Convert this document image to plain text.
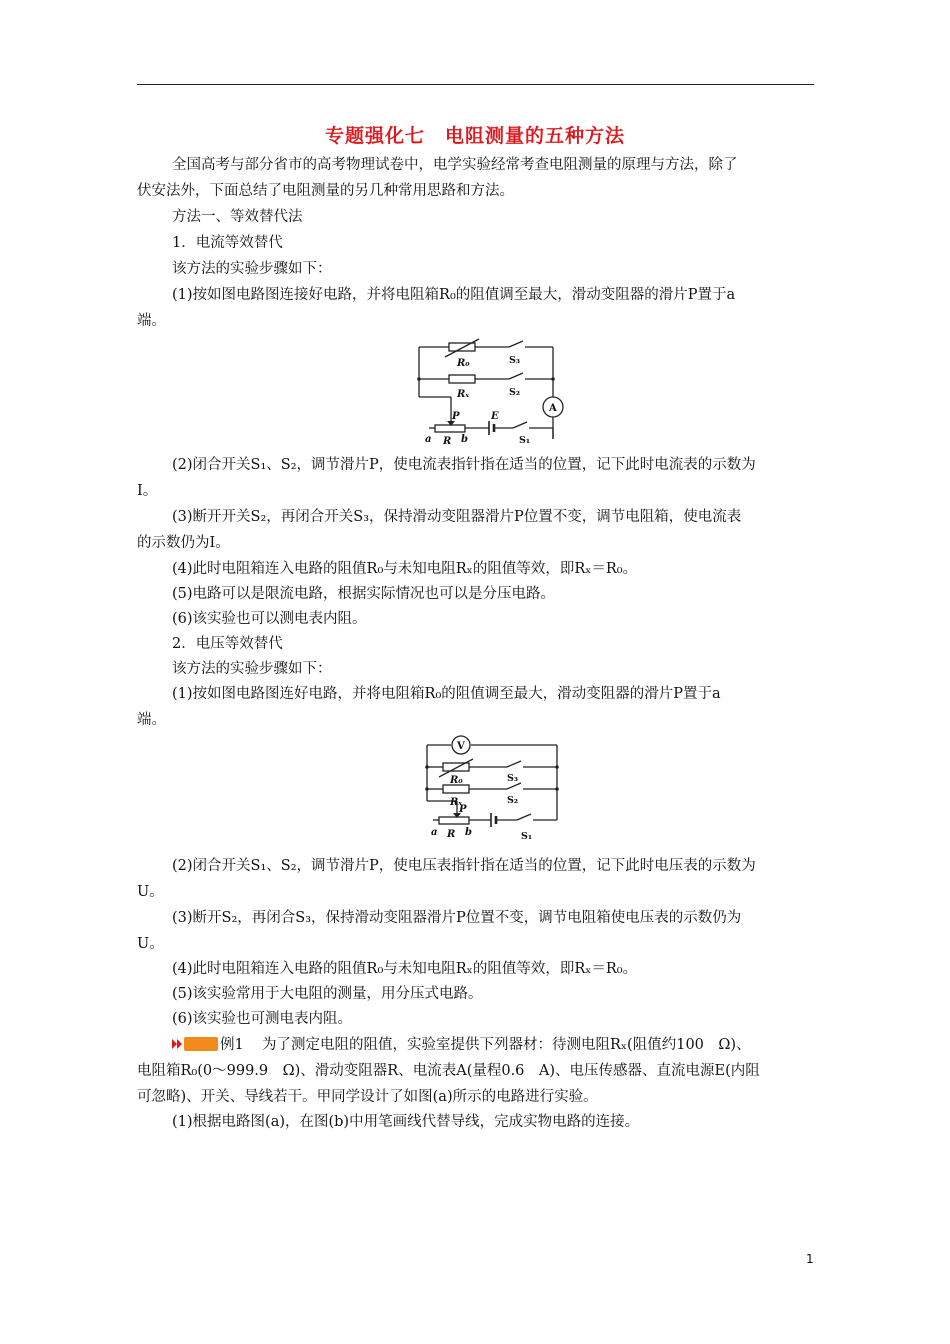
专题强化七　电阻测量的五种方法
全国高考与部分省市的高考物理试卷中，电学实验经常考查电阻测量的原理与方法，除了
伏安法外，下面总结了电阻测量的另几种常用思路和方法。
方法一、等效替代法
1．电流等效替代
该方法的实验步骤如下：
(1)按如图电路图连接好电路，并将电阻箱R₀的阻值调至最大，滑动变阻器的滑片P置于a
端。
R₀
Rₓ
P	E
a R b
S₃
S₂
S₁
A
(2)闭合开关S₁、S₂，调节滑片P，使电流表指针指在适当的位置，记下此时电流表的示数为
I。
(3)断开开关S₂，再闭合开关S₃，保持滑动变阻器滑片P位置不变，调节电阻箱，使电流表
的示数仍为I。
(4)此时电阻箱连入电路的阻值R₀与未知电阻Rₓ的阻值等效，即Rₓ＝R₀。
(5)电路可以是限流电路，根据实际情况也可以是分压电路。
(6)该实验也可以测电表内阻。
2．电压等效替代
该方法的实验步骤如下：
(1)按如图电路图连好电路，并将电阻箱R₀的阻值调至最大，滑动变阻器的滑片P置于a
端。
R₀
Rₓ
P
a R b
S₃
S₂
S₁
V
(2)闭合开关S₁、S₂，调节滑片P，使电压表指针指在适当的位置，记下此时电压表的示数为
U。
(3)断开S₂，再闭合S₃，保持滑动变阻器滑片P位置不变，调节电阻箱使电压表的示数仍为
U。
(4)此时电阻箱连入电路的阻值R₀与未知电阻Rₓ的阻值等效，即Rₓ＝R₀。
(5)该实验常用于大电阻的测量，用分压式电路。
(6)该实验也可测电表内阻。
例1 为了测定电阻的阻值，实验室提供下列器材：待测电阻Rₓ(阻值约100　Ω)、
电阻箱R₀(0～999.9　Ω)、滑动变阻器R、电流表A(量程0.6　A)、电压传感器、直流电源E(内阻
可忽略)、开关、导线若干。甲同学设计了如图(a)所示的电路进行实验。
(1)根据电路图(a)，在图(b)中用笔画线代替导线，完成实物电路的连接。
1
